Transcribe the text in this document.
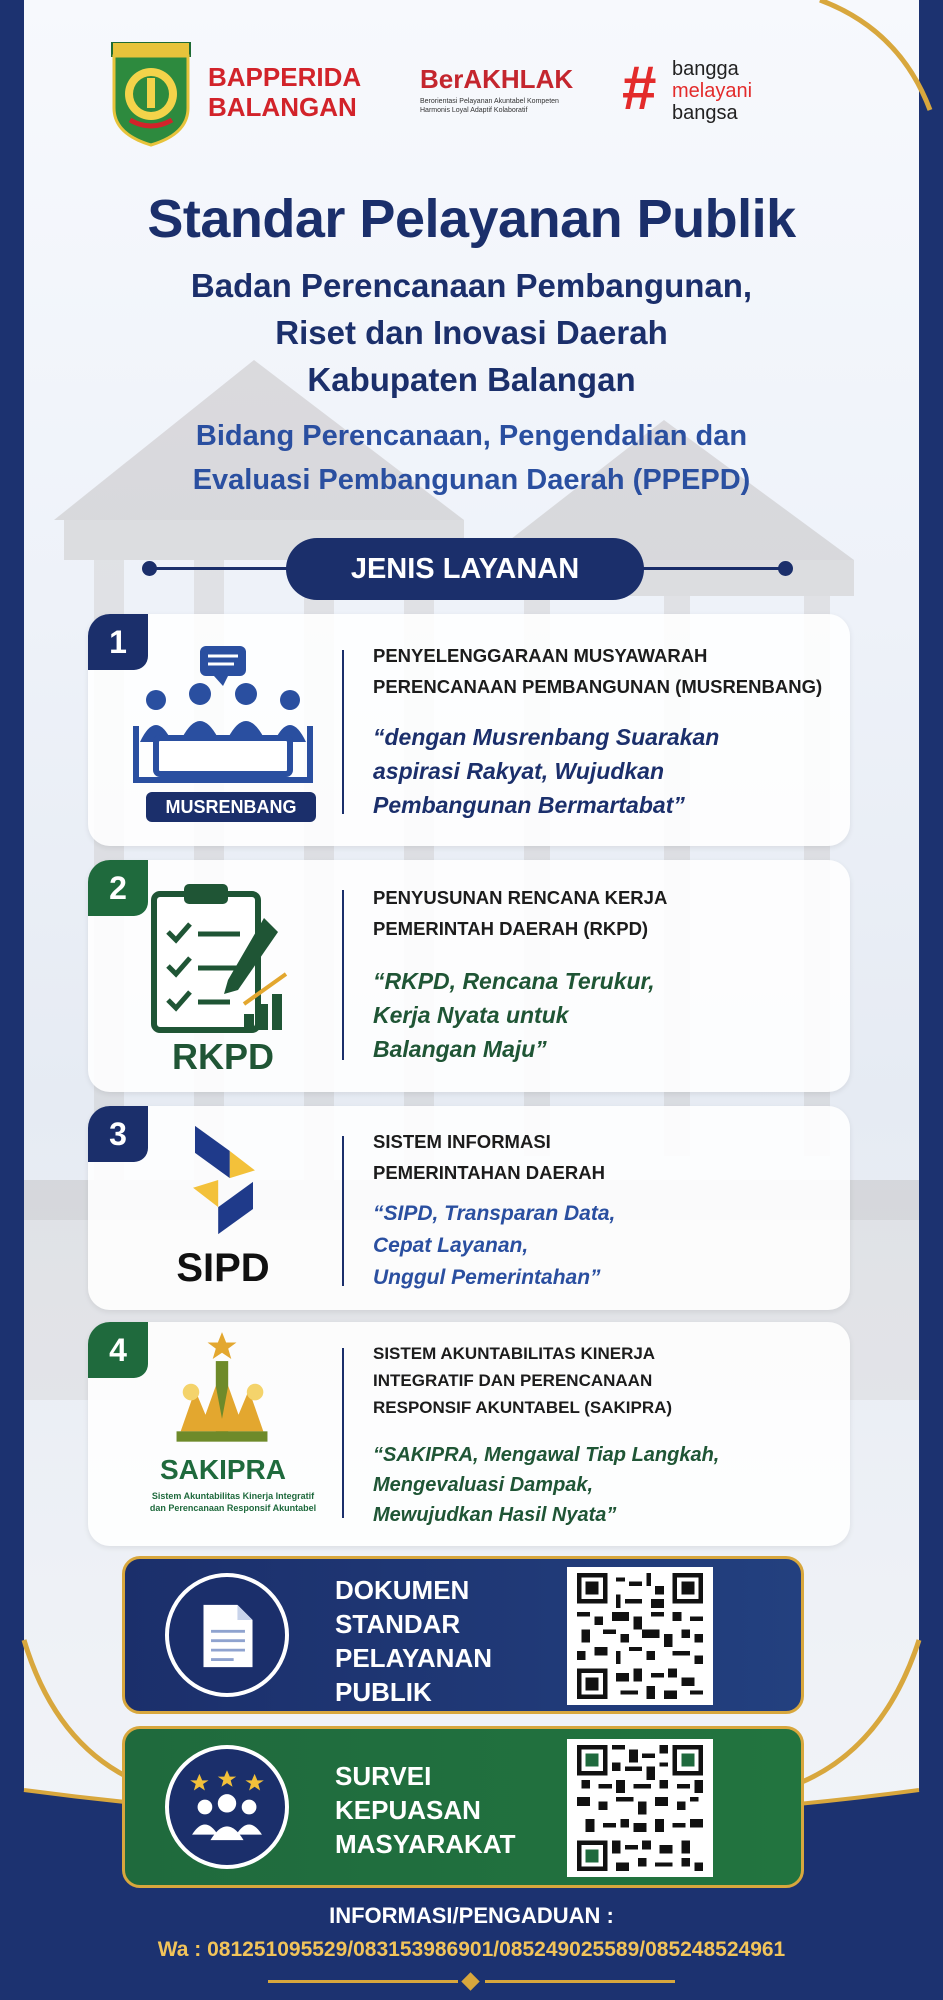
BAPPERIDA
BALANGAN
BerAKHLAK
Berorientasi Pelayanan Akuntabel Kompeten
Harmonis Loyal Adaptif Kolaboratif	# bangga
melayani
bangsa
Standar Pelayanan Publik
Badan Perencanaan Pembangunan,
Riset dan Inovasi Daerah
Kabupaten Balangan
Bidang Perencanaan, Pengendalian dan
Evaluasi Pembangunan Daerah (PPEPD)
JENIS LAYANAN
1
MUSRENBANG
PENYELENGGARAAN MUSYAWARAH
PERENCANAAN PEMBANGUNAN (MUSRENBANG)
“dengan Musrenbang Suarakan
aspirasi Rakyat, Wujudkan
Pembangunan Bermartabat”
2
RKPD
PENYUSUNAN RENCANA KERJA
PEMERINTAH DAERAH (RKPD)
“RKPD, Rencana Terukur,
Kerja Nyata untuk
Balangan Maju”
3
SIPD
SISTEM INFORMASI
PEMERINTAHAN DAERAH
“SIPD, Transparan Data,
Cepat Layanan,
Unggul Pemerintahan”
4
SAKIPRA
Sistem Akuntabilitas Kinerja Integratif
dan Perencanaan Responsif Akuntabel
SISTEM AKUNTABILITAS KINERJA
INTEGRATIF DAN PERENCANAAN
RESPONSIF AKUNTABEL (SAKIPRA)
“SAKIPRA, Mengawal Tiap Langkah,
Mengevaluasi Dampak,
Mewujudkan Hasil Nyata”
DOKUMEN
STANDAR
PELAYANAN
PUBLIK
SURVEI
KEPUASAN
MASYARAKAT
INFORMASI/PENGADUAN :
Wa : 081251095529/083153986901/085249025589/085248524961
